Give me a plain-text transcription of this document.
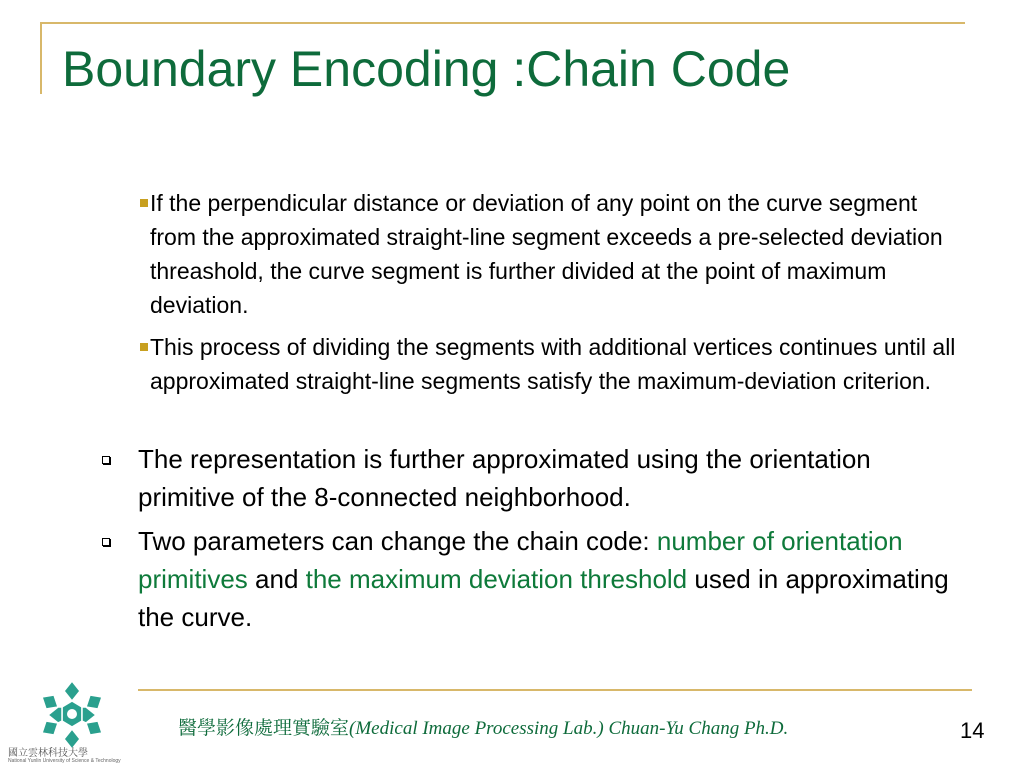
Boundary Encoding :Chain Code
If the perpendicular distance or deviation of any point on the curve segment from the approximated straight-line segment exceeds a pre-selected deviation threashold, the curve segment is further divided at the point of maximum deviation.
This process of dividing the segments with additional vertices continues until all approximated straight-line segments satisfy the maximum-deviation criterion.
The representation is further approximated using the orientation primitive of the 8-connected neighborhood.
Two parameters can change the chain code: number of orientation primitives and the maximum deviation threshold used in approximating the curve.
國立雲林科技大學
National Yunlin University of Science & Technology
醫學影像處理實驗室(Medical Image Processing Lab.) Chuan-Yu Chang Ph.D.	14
